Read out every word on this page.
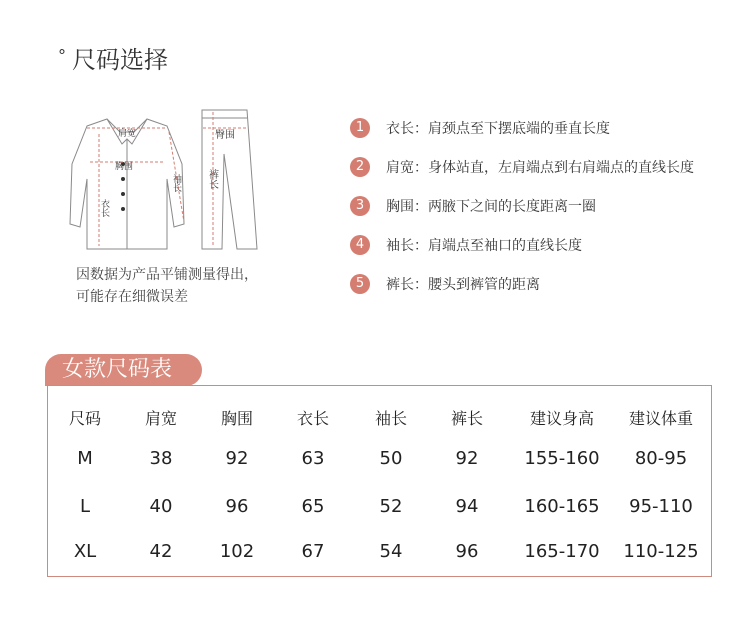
° 尺码选择
肩宽
胸围
衣长
袖长
臀围
裤长
因数据为产品平铺测量得出，
可能存在细微误差
1	衣长：肩颈点至下摆底端的垂直长度
2	肩宽：身体站直，左肩端点到右肩端点的直线长度
3	胸围：两腋下之间的长度距离一圈
4	袖长：肩端点至袖口的直线长度
5	裤长：腰头到裤管的距离
女款尺码表
尺码	肩宽	胸围	衣长	袖长	裤长	建议身高 建议体重
M	38	92	63	50	92	155-160 80-95
L	40	96	65	52	94	160-165 95-110
XL	42	102	67	54	96	165-170 110-125
